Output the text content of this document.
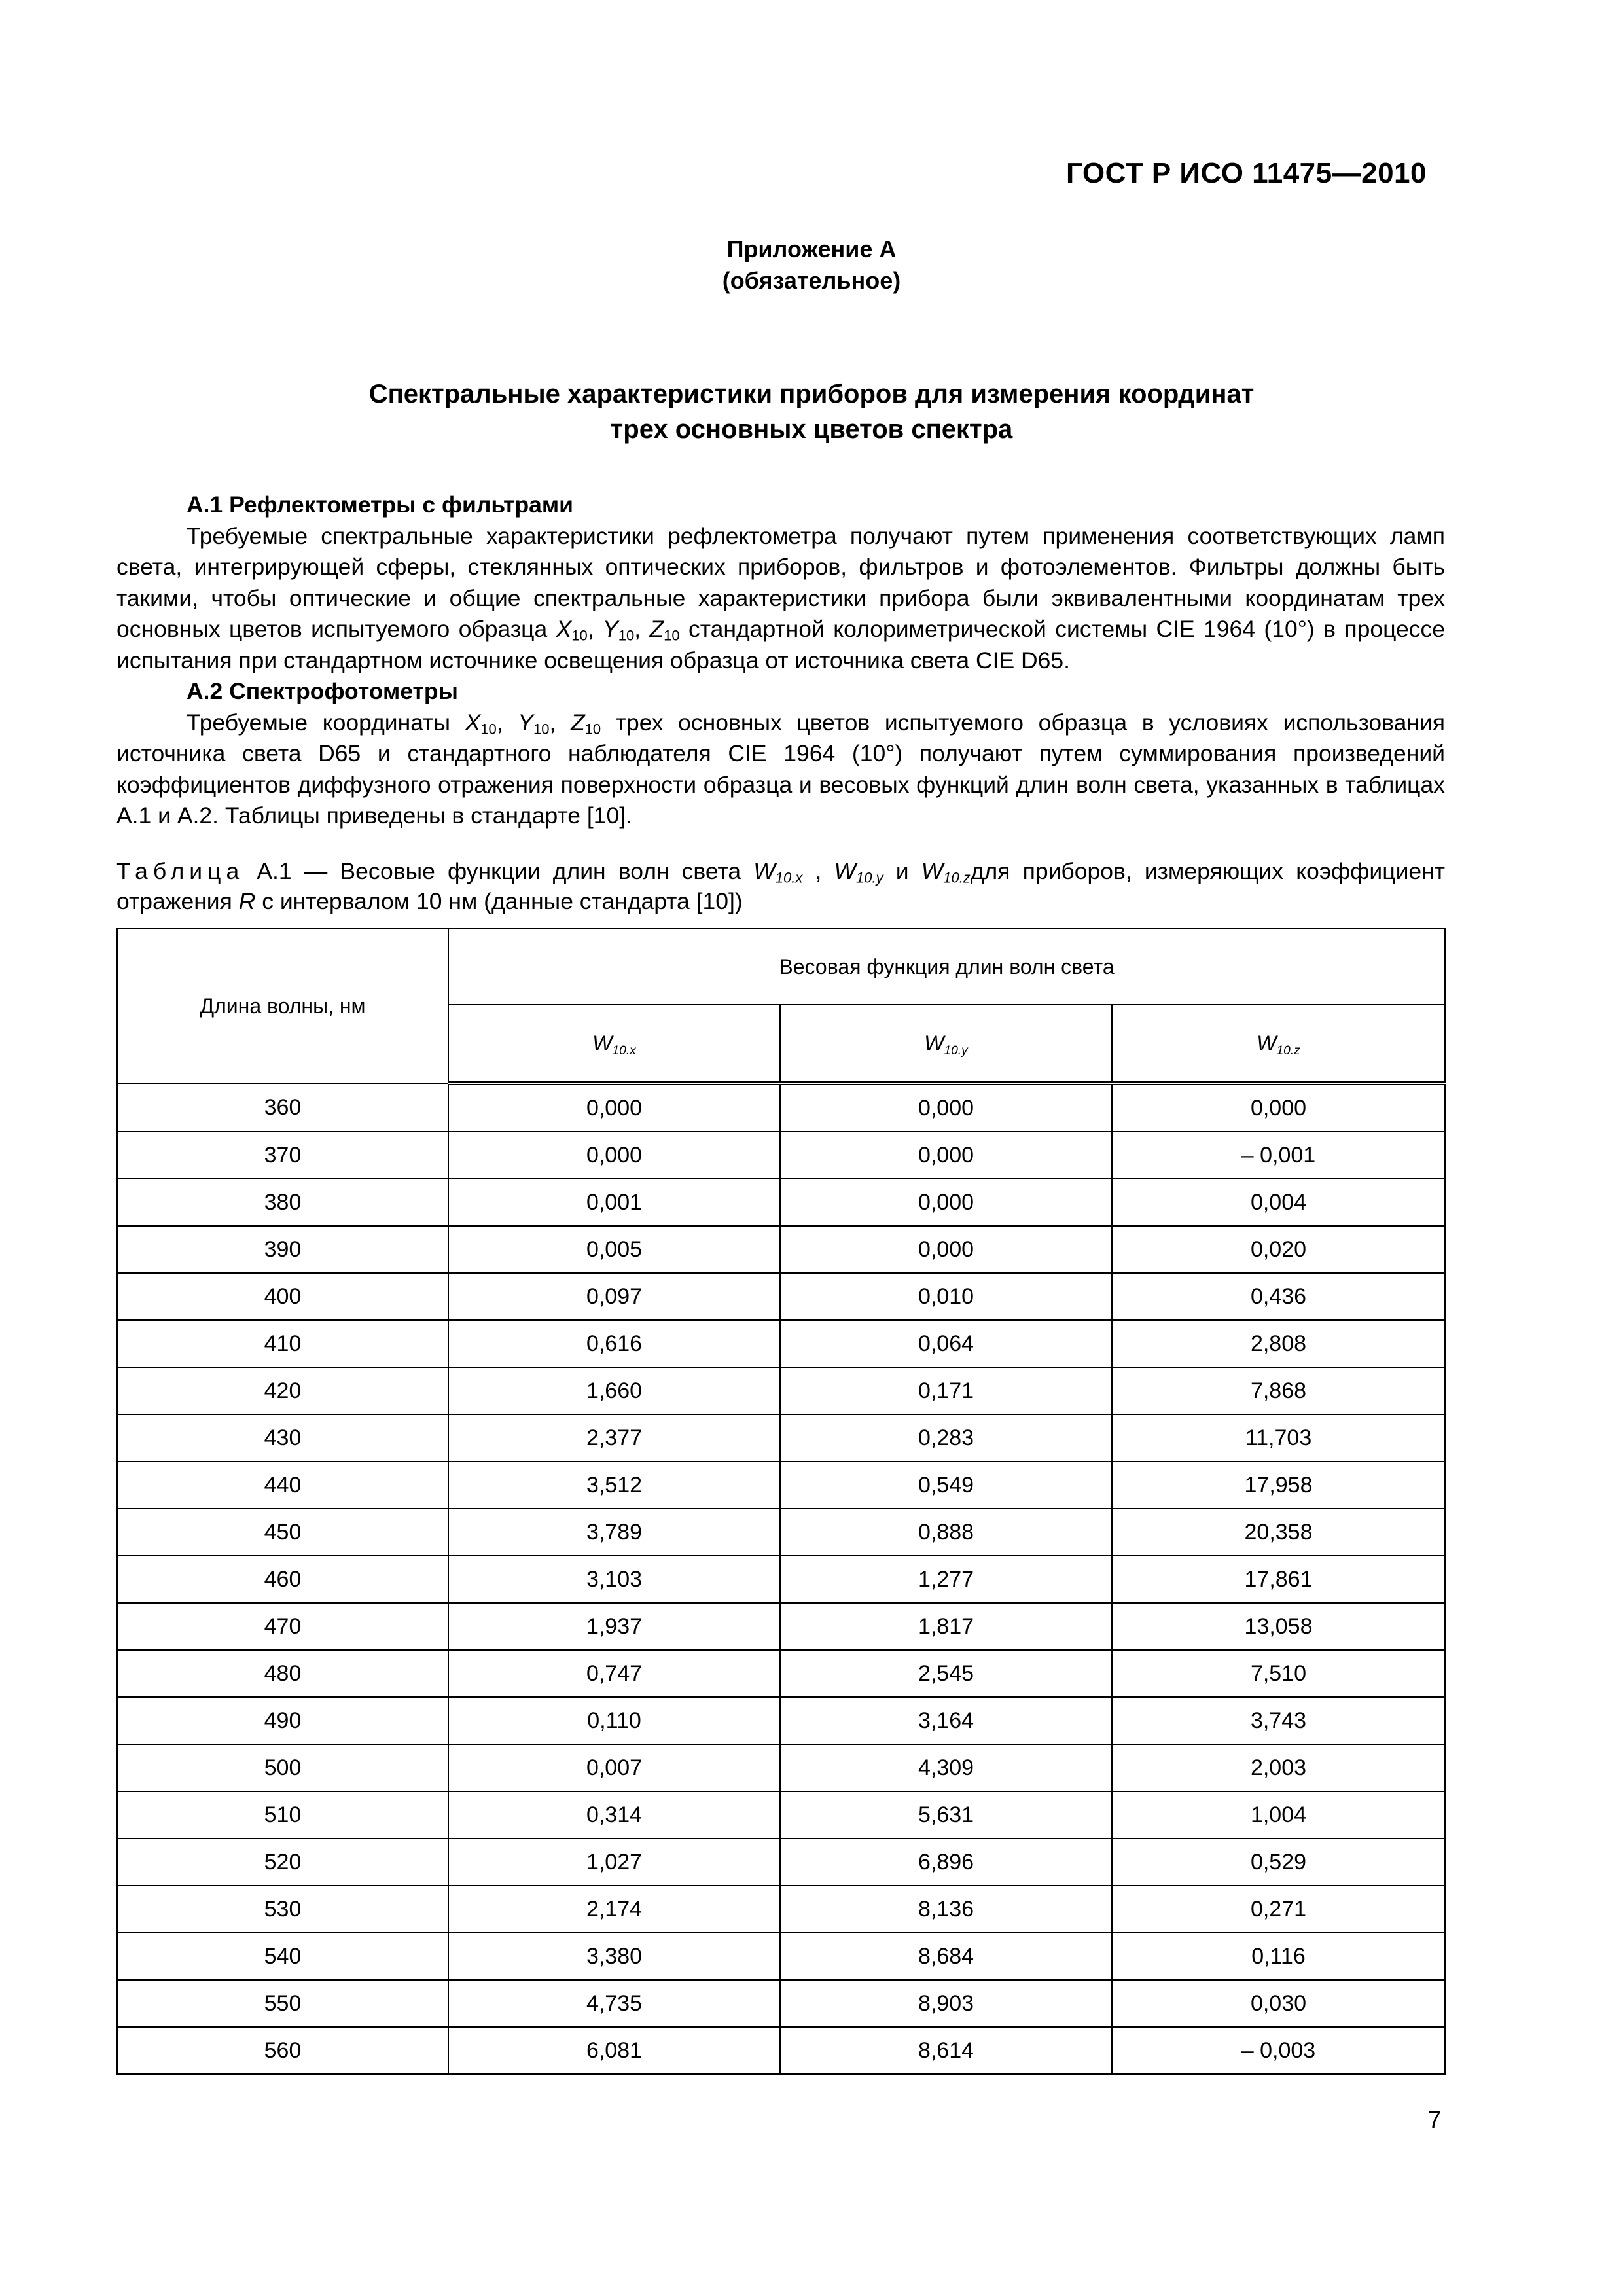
ГОСТ Р ИСО 11475—2010
Приложение А
(обязательное)
Спектральные характеристики приборов для измерения координат
трех основных цветов спектра
А.1 Рефлектометры с фильтрами

Требуемые спектральные характеристики рефлектометра получают путем применения соответствующих ламп света, интегрирующей сферы, стеклянных оптических приборов, фильтров и фотоэлементов. Фильтры должны быть такими, чтобы оптические и общие спектральные характеристики прибора были эквивалентными координатам трех основных цветов испытуемого образца $X_{10}$, $Y_{10}$, $Z_{10}$ стандартной колориметрической системы CIE 1964 (10°) в процессе испытания при стандартном источнике освещения образца от источника света CIE D65.

А.2 Спектрофотометры

Требуемые координаты $X_{10}$, $Y_{10}$, $Z_{10}$ трех основных цветов испытуемого образца в условиях использования источника света D65 и стандартного наблюдателя CIE 1964 (10°) получают путем суммирования произведений коэффициентов диффузного отражения поверхности образца и весовых функций длин волн света, указанных в таблицах А.1 и А.2. Таблицы приведены в стандарте [10].

Таблица А.1 — Весовые функции длин волн света $W_{10.x}$ , $W_{10.y}$ и $W_{10.z}для$ приборов, измеряющих коэффициент отражения R с интервалом 10 нм (данные стандарта [10])
Длина волны, нм	Весовая функция длин волн света		
	$W_{10.x}$	$W_{10.y}$	$W_{10.z}$
360	0,000	0,000	0,000
370	0,000	0,000	– 0,001
380	0,001	0,000	0,004
390	0,005	0,000	0,020
400	0,097	0,010	0,436
410	0,616	0,064	2,808
420	1,660	0,171	7,868
430	2,377	0,283	11,703
440	3,512	0,549	17,958
450	3,789	0,888	20,358
460	3,103	1,277	17,861
470	1,937	1,817	13,058
480	0,747	2,545	7,510
490	0,110	3,164	3,743
500	0,007	4,309	2,003
510	0,314	5,631	1,004
520	1,027	6,896	0,529
530	2,174	8,136	0,271
540	3,380	8,684	0,116
550	4,735	8,903	0,030
560	6,081	8,614	– 0,003
7
